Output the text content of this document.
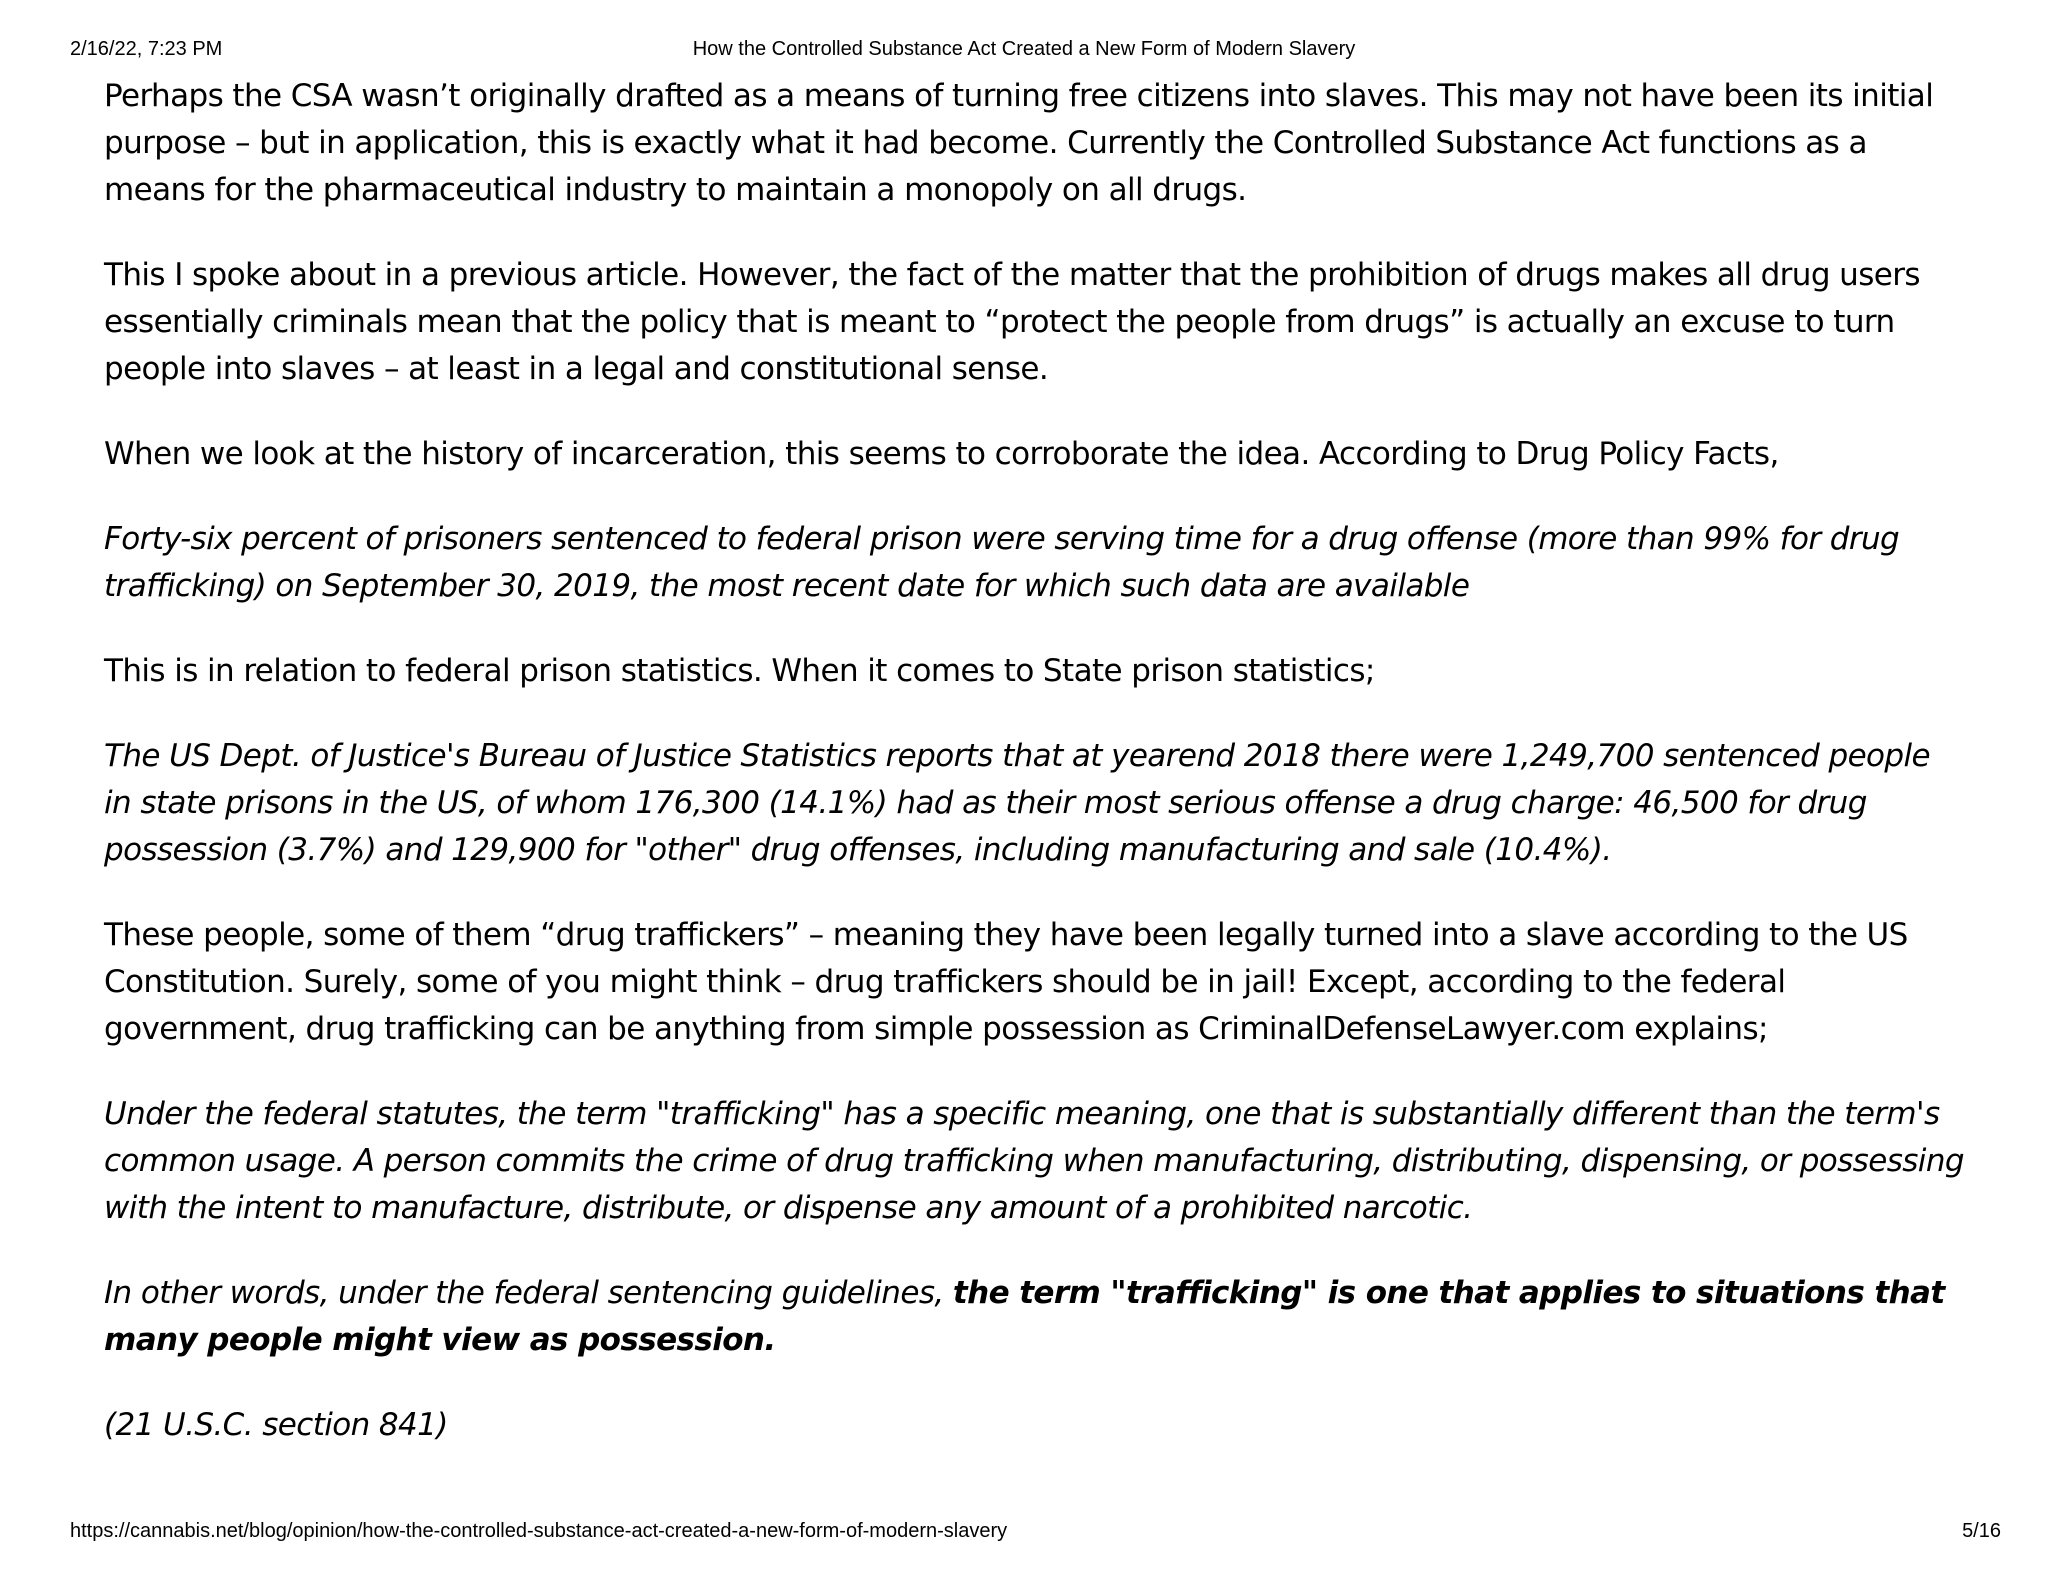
2/16/22, 7:23 PM	How the Controlled Substance Act Created a New Form of Modern Slavery

Perhaps the CSA wasn’t originally drafted as a means of turning free citizens into slaves. This may not have been its initial purpose – but in application, this is exactly what it had become. Currently the Controlled Substance Act functions as a means for the pharmaceutical industry to maintain a monopoly on all drugs.

This I spoke about in a previous article. However, the fact of the matter that the prohibition of drugs makes all drug users essentially criminals mean that the policy that is meant to “protect the people from drugs” is actually an excuse to turn people into slaves – at least in a legal and constitutional sense.

When we look at the history of incarceration, this seems to corroborate the idea. According to Drug Policy Facts,

Forty-six percent of prisoners sentenced to federal prison were serving time for a drug offense (more than 99% for drug trafficking) on September 30, 2019, the most recent date for which such data are available

This is in relation to federal prison statistics. When it comes to State prison statistics;

The US Dept. of Justice's Bureau of Justice Statistics reports that at yearend 2018 there were 1,249,700 sentenced people in state prisons in the US, of whom 176,300 (14.1%) had as their most serious offense a drug charge: 46,500 for drug possession (3.7%) and 129,900 for "other" drug offenses, including manufacturing and sale (10.4%).

These people, some of them “drug traffickers” – meaning they have been legally turned into a slave according to the US Constitution. Surely, some of you might think – drug traffickers should be in jail! Except, according to the federal government, drug trafficking can be anything from simple possession as CriminalDefenseLawyer.com explains;

Under the federal statutes, the term "trafficking" has a specific meaning, one that is substantially different than the term's common usage. A person commits the crime of drug trafficking when manufacturing, distributing, dispensing, or possessing with the intent to manufacture, distribute, or dispense any amount of a prohibited narcotic.

In other words, under the federal sentencing guidelines, the term "trafficking" is one that applies to situations that many people might view as possession.

(21 U.S.C. section 841)

https://cannabis.net/blog/opinion/how-the-controlled-substance-act-created-a-new-form-of-modern-slavery	5/16
